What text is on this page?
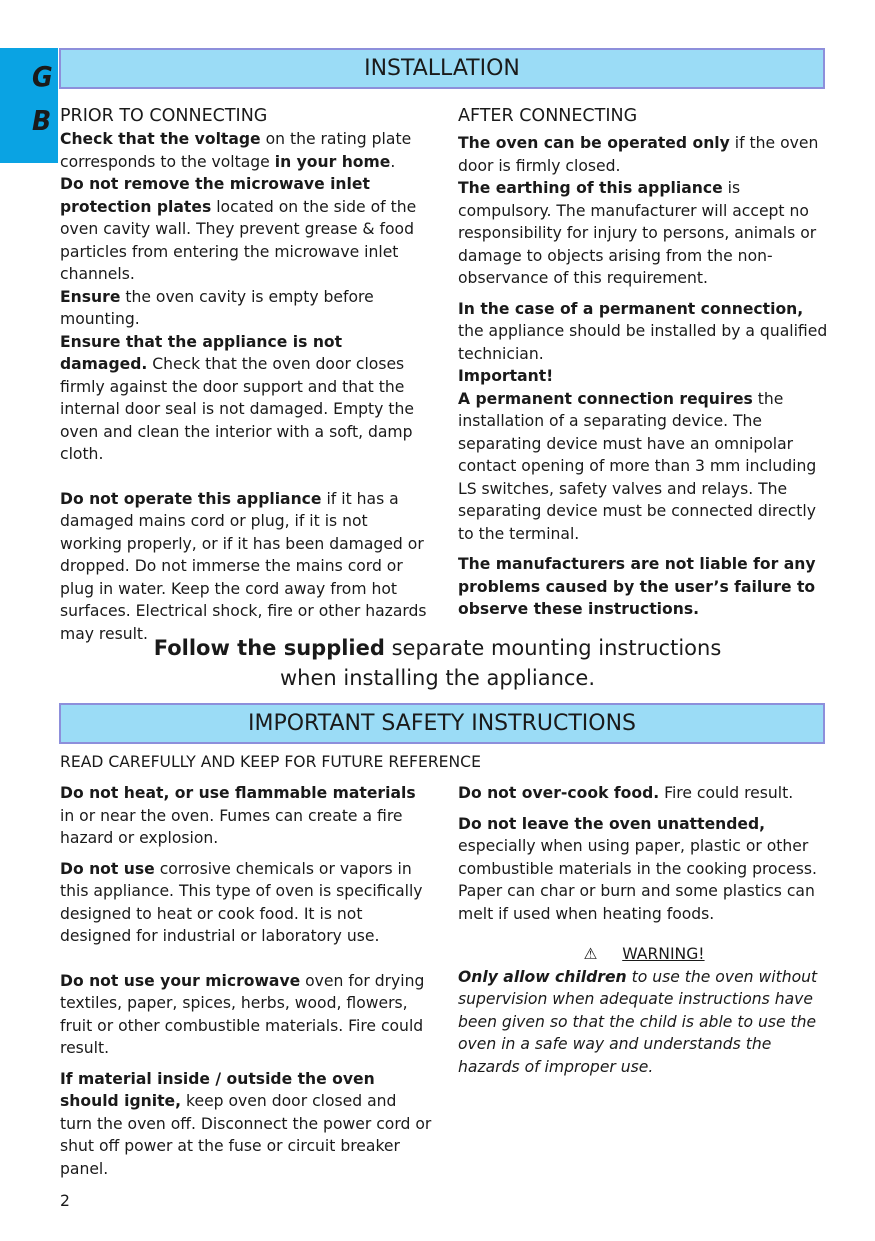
G
B
INSTALLATION

PRIOR TO CONNECTING

Check that the voltage on the rating plate corresponds to the voltage in your home.

Do not remove the microwave inlet protection plates located on the side of the oven cavity wall. They prevent grease & food particles from entering the microwave inlet channels.

Ensure the oven cavity is empty before mounting.

Ensure that the appliance is not damaged. Check that the oven door closes firmly against the door support and that the internal door seal is not damaged. Empty the oven and clean the interior with a soft, damp cloth.

Do not operate this appliance if it has a damaged mains cord or plug, if it is not working properly, or if it has been damaged or dropped. Do not immerse the mains cord or plug in water. Keep the cord away from hot surfaces. Electrical shock, fire or other hazards may result.

AFTER CONNECTING

The oven can be operated only if the oven door is firmly closed.

The earthing of this appliance is compulsory. The manufacturer will accept no responsibility for injury to persons, animals or damage to objects arising from the non-observance of this requirement.

In the case of a permanent connection, the appliance should be installed by a qualified technician.

Important!

A permanent connection requires the installation of a separating device. The separating device must have an omnipolar contact opening of more than 3 mm including LS switches, safety valves and relays. The separating device must be connected directly to the terminal.

The manufacturers are not liable for any problems caused by the user’s failure to observe these instructions.

Follow the supplied separate mounting instructions
when installing the appliance.
IMPORTANT SAFETY INSTRUCTIONS
READ CAREFULLY AND KEEP FOR FUTURE REFERENCE

Do not heat, or use flammable materials in or near the oven. Fumes can create a fire hazard or explosion.

Do not use corrosive chemicals or vapors in this appliance. This type of oven is specifically designed to heat or cook food. It is not designed for industrial or laboratory use.

Do not use your microwave oven for drying textiles, paper, spices, herbs, wood, flowers, fruit or other combustible materials. Fire could result.

If material inside / outside the oven should ignite, keep oven door closed and turn the oven off. Disconnect the power cord or shut off power at the fuse or circuit breaker panel.

Do not over-cook food. Fire could result.

Do not leave the oven unattended, especially when using paper, plastic or other combustible materials in the cooking process. Paper can char or burn and some plastics can melt if used when heating foods.

⚠ WARNING!

Only allow children to use the oven without supervision when adequate instructions have been given so that the child is able to use the oven in a safe way and understands the hazards of improper use.

2
